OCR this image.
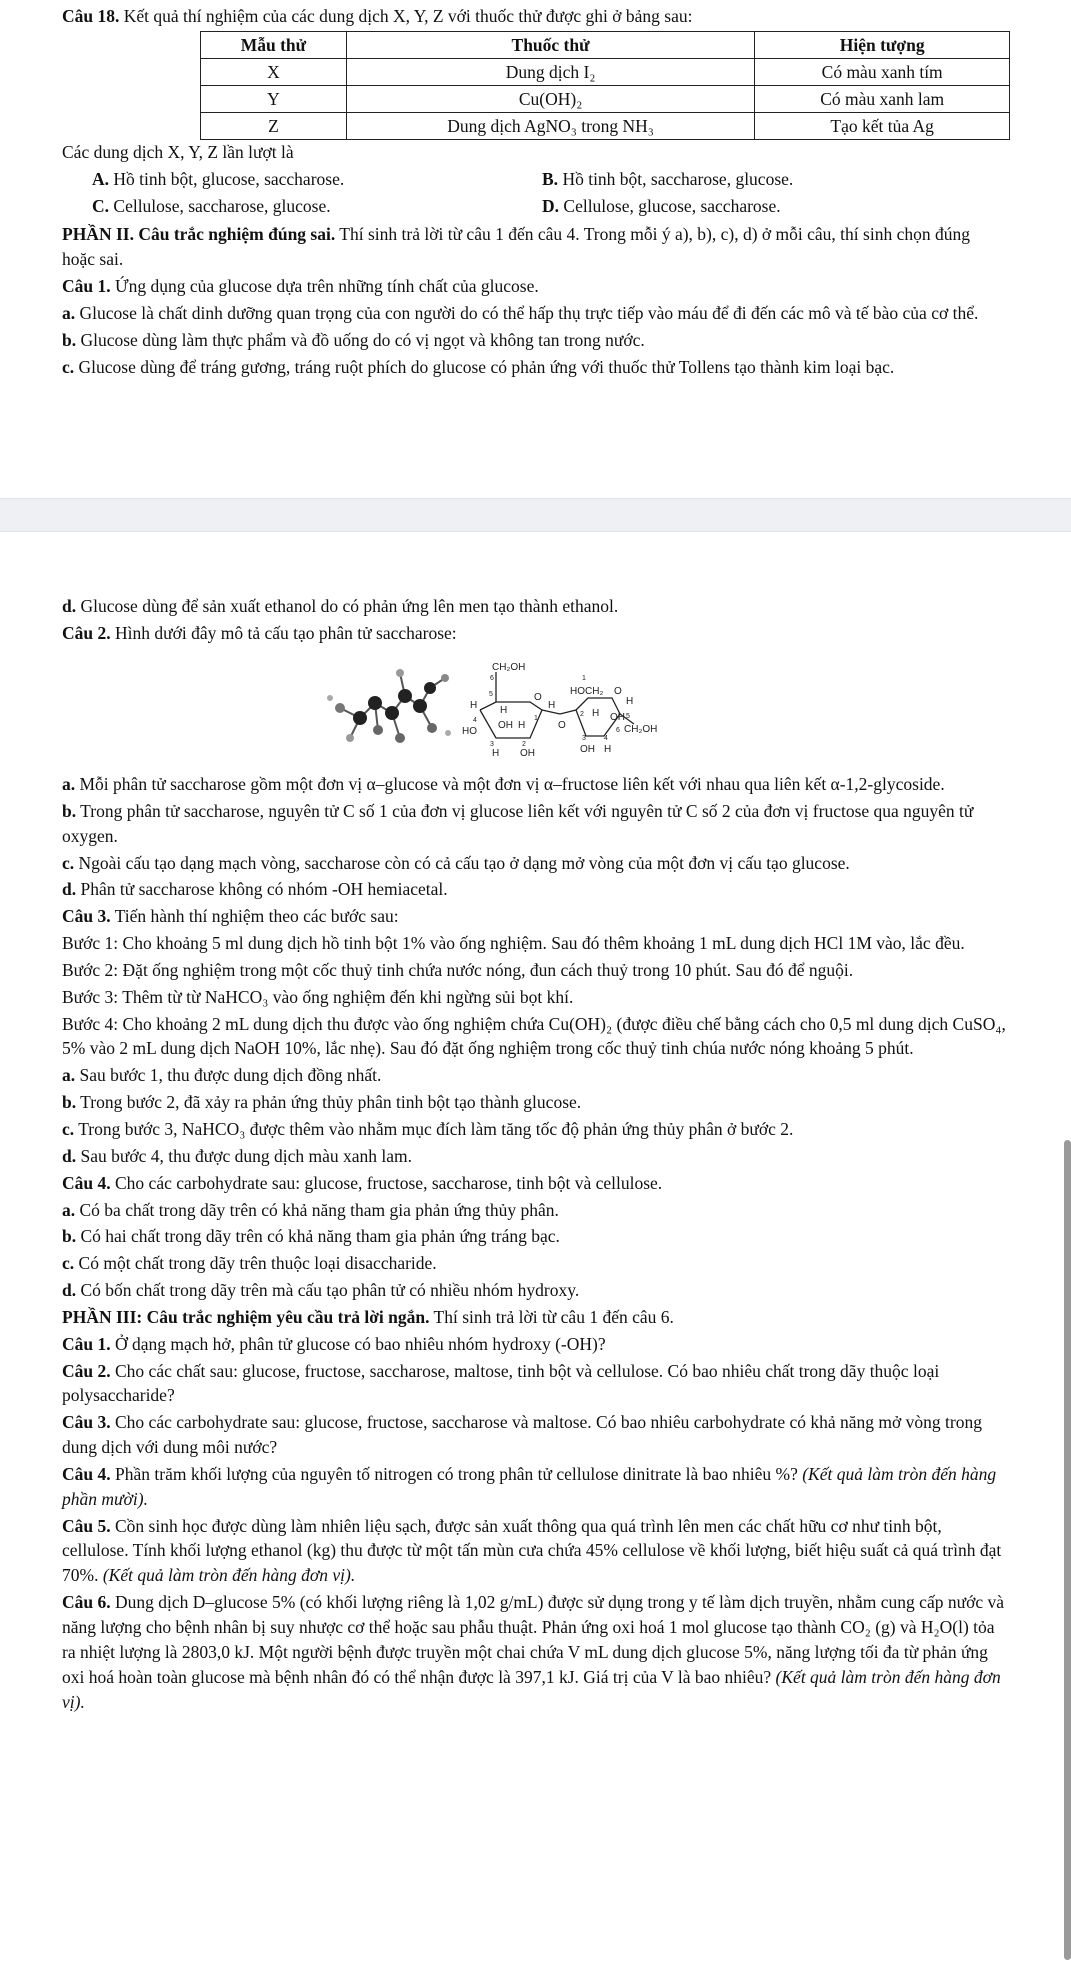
Câu 18. Kết quả thí nghiệm của các dung dịch X, Y, Z với thuốc thử được ghi ở bảng sau:

Mẫu thử	Thuốc thử	Hiện tượng
X	Dung dịch I₂	Có màu xanh tím
Y	Cu(OH)₂	Có màu xanh lam
Z	Dung dịch AgNO₃ trong NH₃	Tạo kết tủa Ag

Các dung dịch X, Y, Z lần lượt là

A. Hồ tinh bột, glucose, saccharose.	B. Hồ tinh bột, saccharose, glucose.

C. Cellulose, saccharose, glucose.	D. Cellulose, glucose, saccharose.

PHẦN II. Câu trắc nghiệm đúng sai. Thí sinh trả lời từ câu 1 đến câu 4. Trong mỗi ý a), b), c), d) ở mỗi câu, thí sinh chọn đúng hoặc sai.

Câu 1. Ứng dụng của glucose dựa trên những tính chất của glucose.

a. Glucose là chất dinh dưỡng quan trọng của con người do có thể hấp thụ trực tiếp vào máu để đi đến các mô và tế bào của cơ thể.

b. Glucose dùng làm thực phẩm và đồ uống do có vị ngọt và không tan trong nước.

c. Glucose dùng để tráng gương, tráng ruột phích do glucose có phản ứng với thuốc thử Tollens tạo thành kim loại bạc.

d. Glucose dùng để sản xuất ethanol do có phản ứng lên men tạo thành ethanol.

Câu 2. Hình dưới đây mô tả cấu tạo phân tử saccharose:

CH₂OH
6
5	O
H
H H
4 OH H
1
HO
3	2
H OH
O
HOCH₂
1
O
2 H
H
OH 5
6 CH₂OH
3	4
OH H

a. Mỗi phân tử saccharose gồm một đơn vị α–glucose và một đơn vị α–fructose liên kết với nhau qua liên kết α-1,2-glycoside.

b. Trong phân tử saccharose, nguyên tử C số 1 của đơn vị glucose liên kết với nguyên tử C số 2 của đơn vị fructose qua nguyên tử oxygen.

c. Ngoài cấu tạo dạng mạch vòng, saccharose còn có cả cấu tạo ở dạng mở vòng của một đơn vị cấu tạo glucose.

d. Phân tử saccharose không có nhóm -OH hemiacetal.

Câu 3. Tiến hành thí nghiệm theo các bước sau:

Bước 1: Cho khoảng 5 ml dung dịch hồ tinh bột 1% vào ống nghiệm. Sau đó thêm khoảng 1 mL dung dịch HCl 1M vào, lắc đều.

Bước 2: Đặt ống nghiệm trong một cốc thuỷ tinh chứa nước nóng, đun cách thuỷ trong 10 phút. Sau đó để nguội.

Bước 3: Thêm từ từ NaHCO₃ vào ống nghiệm đến khi ngừng sủi bọt khí.

Bước 4: Cho khoảng 2 mL dung dịch thu được vào ống nghiệm chứa Cu(OH)₂ (được điều chế bằng cách cho 0,5 ml dung dịch CuSO₄, 5% vào 2 mL dung dịch NaOH 10%, lắc nhẹ). Sau đó đặt ống nghiệm trong cốc thuỷ tinh chúa nước nóng khoảng 5 phút.

a. Sau bước 1, thu được dung dịch đồng nhất.

b. Trong bước 2, đã xảy ra phản ứng thủy phân tinh bột tạo thành glucose.

c. Trong bước 3, NaHCO₃ được thêm vào nhằm mục đích làm tăng tốc độ phản ứng thủy phân ở bước 2.

d. Sau bước 4, thu được dung dịch màu xanh lam.

Câu 4. Cho các carbohydrate sau: glucose, fructose, saccharose, tinh bột và cellulose.

a. Có ba chất trong dãy trên có khả năng tham gia phản ứng thủy phân.

b. Có hai chất trong dãy trên có khả năng tham gia phản ứng tráng bạc.

c. Có một chất trong dãy trên thuộc loại disaccharide.

d. Có bốn chất trong dãy trên mà cấu tạo phân tử có nhiều nhóm hydroxy.

PHẦN III: Câu trắc nghiệm yêu cầu trả lời ngắn. Thí sinh trả lời từ câu 1 đến câu 6.

Câu 1. Ở dạng mạch hở, phân tử glucose có bao nhiêu nhóm hydroxy (-OH)?

Câu 2. Cho các chất sau: glucose, fructose, saccharose, maltose, tinh bột và cellulose. Có bao nhiêu chất trong dãy thuộc loại polysaccharide?

Câu 3. Cho các carbohydrate sau: glucose, fructose, saccharose và maltose. Có bao nhiêu carbohydrate có khả năng mở vòng trong dung dịch với dung môi nước?

Câu 4. Phần trăm khối lượng của nguyên tố nitrogen có trong phân tử cellulose dinitrate là bao nhiêu %? (Kết quả làm tròn đến hàng phần mười).

Câu 5. Cồn sinh học được dùng làm nhiên liệu sạch, được sản xuất thông qua quá trình lên men các chất hữu cơ như tinh bột, cellulose. Tính khối lượng ethanol (kg) thu được từ một tấn mùn cưa chứa 45% cellulose về khối lượng, biết hiệu suất cả quá trình đạt 70%. (Kết quả làm tròn đến hàng đơn vị).

Câu 6. Dung dịch D–glucose 5% (có khối lượng riêng là 1,02 g/mL) được sử dụng trong y tế làm dịch truyền, nhằm cung cấp nước và năng lượng cho bệnh nhân bị suy nhược cơ thể hoặc sau phẫu thuật. Phản ứng oxi hoá 1 mol glucose tạo thành CO₂ (g) và H₂O(l) tỏa ra nhiệt lượng là 2803,0 kJ. Một người bệnh được truyền một chai chứa V mL dung dịch glucose 5%, năng lượng tối đa từ phản ứng oxi hoá hoàn toàn glucose mà bệnh nhân đó có thể nhận được là 397,1 kJ. Giá trị của V là bao nhiêu? (Kết quả làm tròn đến hàng đơn vị).
